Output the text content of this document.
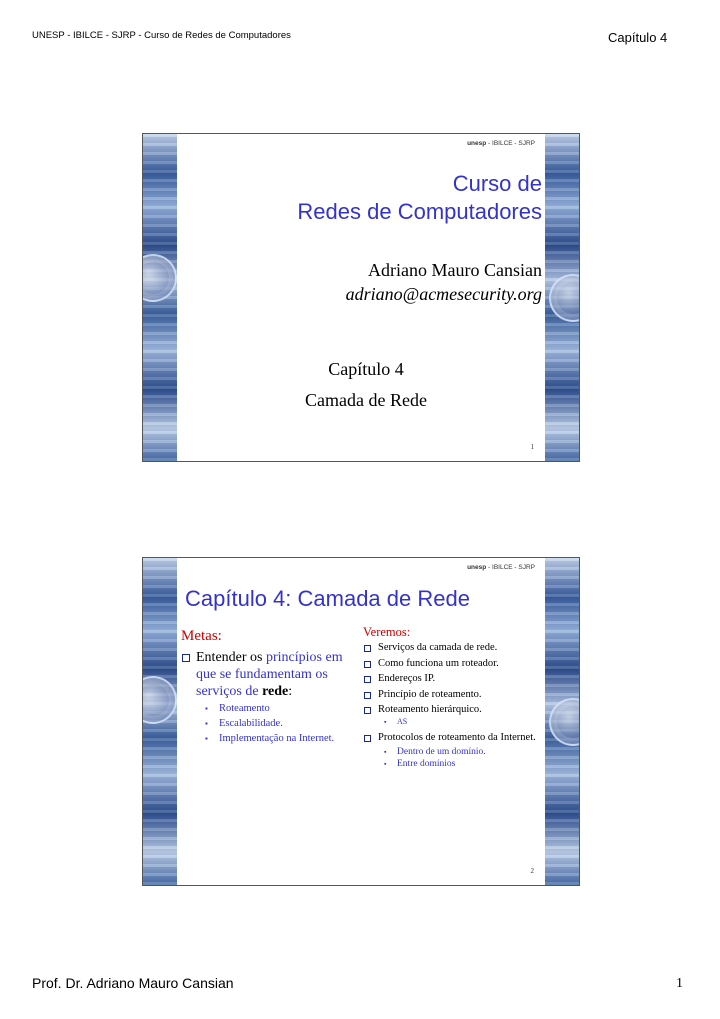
UNESP - IBILCE - SJRP - Curso de Redes de Computadores	Capítulo 4
unesp - IBILCE - SJRP
Curso de
Redes de Computadores
Adriano Mauro Cansian
adriano@acmesecurity.org
Capítulo 4
Camada de Rede
1
unesp - IBILCE - SJRP
Capítulo 4: Camada de Rede
Metas:
Entender os princípios em que se fundamentam os serviços de rede:
▪ Roteamento
▪ Escalabilidade.
▪ Implementação na Internet.
Veremos:
Serviços da camada de rede.
Como funciona um roteador.
Endereços IP.
Princípio de roteamento.
Roteamento hierárquico.
▪ AS
Protocolos de roteamento da Internet.
▪ Dentro de um domínio.
▪ Entre domínios
2
Prof. Dr. Adriano Mauro Cansian	1
